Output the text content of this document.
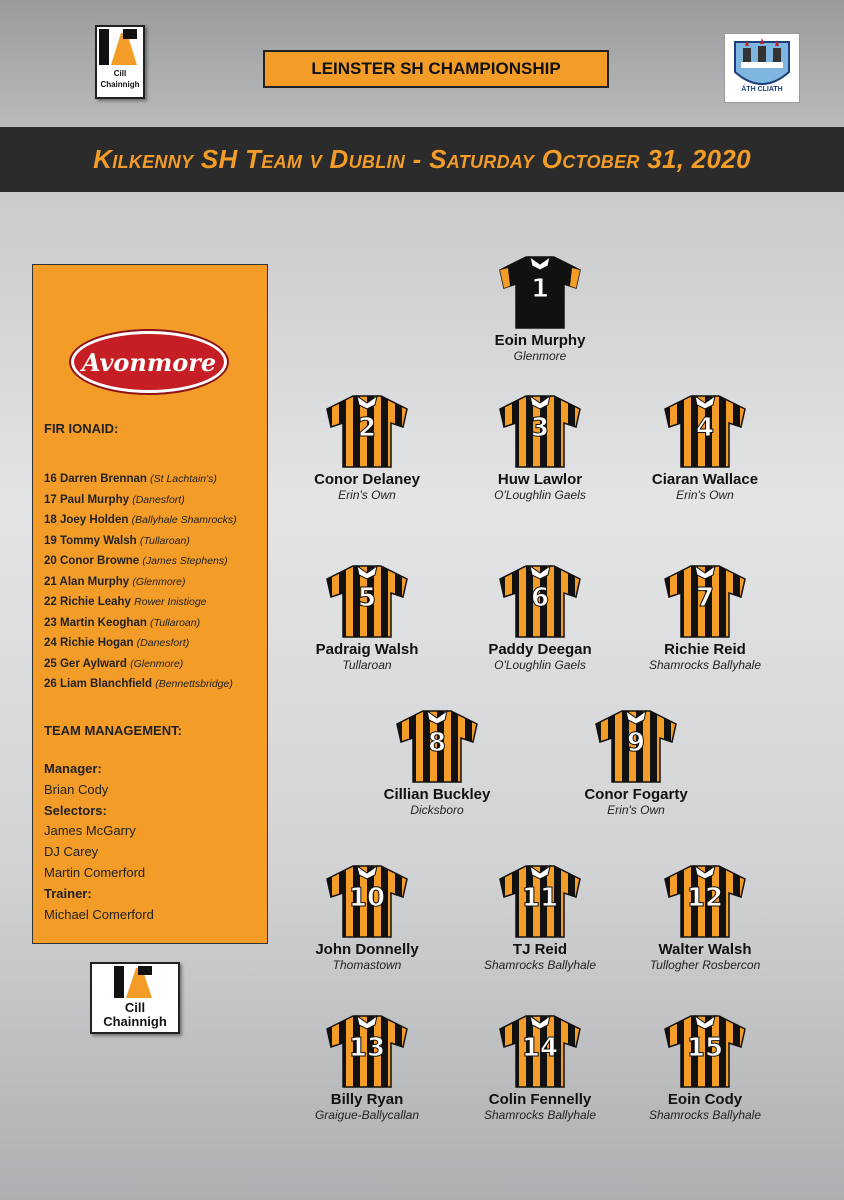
Cill
Chainnigh
LEINSTER SH CHAMPIONSHIP
ÁTH CLIATH
Kilkenny SH Team v Dublin - Saturday October 31, 2020
Avonmore
FIR IONAID:
16 Darren Brennan (St Lachtain's)
17 Paul Murphy (Danesfort)
18 Joey Holden (Ballyhale Shamrocks)
19 Tommy Walsh (Tullaroan)
20 Conor Browne (James Stephens)
21 Alan Murphy (Glenmore)
22 Richie Leahy Rower Inistioge
23 Martin Keoghan (Tullaroan)
24 Richie Hogan (Danesfort)
25 Ger Aylward (Glenmore)
26 Liam Blanchfield (Bennettsbridge)
TEAM MANAGEMENT:
Manager:
Brian Cody
Selectors:
James McGarry
DJ Carey
Martin Comerford
Trainer:
Michael Comerford
Cill
Chainnigh
1
Eoin Murphy
Glenmore
2
Conor Delaney
Erin's Own
3
Huw Lawlor
O'Loughlin Gaels
4
Ciaran Wallace
Erin's Own
5
Padraig Walsh
Tullaroan
6
Paddy Deegan
O'Loughlin Gaels
7
Richie Reid
Shamrocks Ballyhale
8
Cillian Buckley
Dicksboro
9
Conor Fogarty
Erin's Own
10
John Donnelly
Thomastown
11
TJ Reid
Shamrocks Ballyhale
12
Walter Walsh
Tullogher Rosbercon
13
Billy Ryan
Graigue-Ballycallan
14
Colin Fennelly
Shamrocks Ballyhale
15
Eoin Cody
Shamrocks Ballyhale
